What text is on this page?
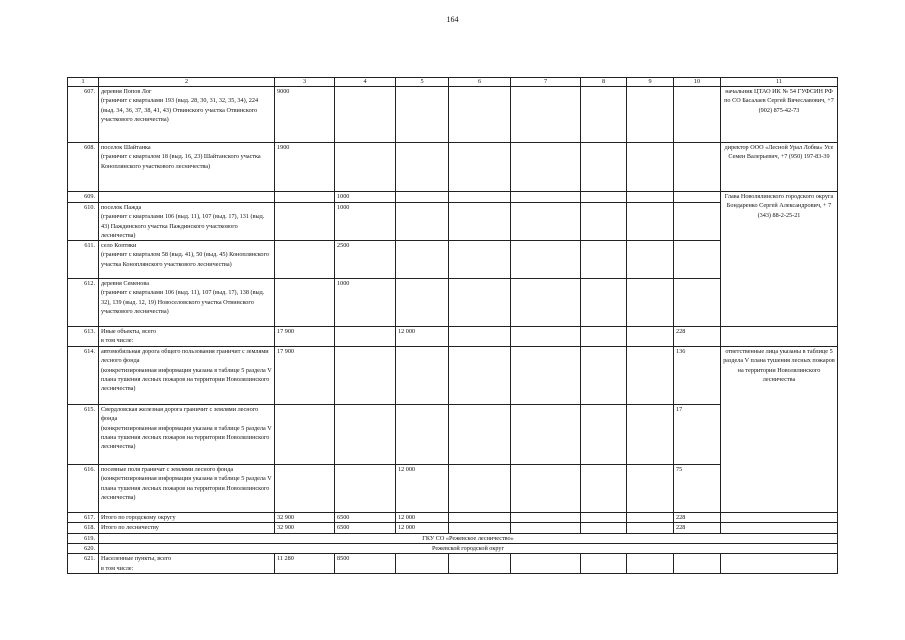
164
1	2	3	4	5	6	7	8	9	10	11
607.	деревня Попов Лог
(граничит с кварталами 193 (выд. 28, 30, 31, 32, 35, 34), 224 (выд. 34, 36, 37, 38, 41, 43) Отвинского участка Отвинского участкового лесничества)	9000								начальник ЦТАО ИК № 54 ГУФСИН РФ по СО Басалаев Сергей Вячеславович, +7 (902) 875-42-73
608.	поселок Шайтанка
(граничит с кварталом 18 (выд. 16, 23) Шайтанского участка Коноплянского участкового лесничества)	1900								директор ООО «Лесной Урал Лобва» Усе Семен Валерьевич, +7 (950) 197-83-39
609.			1000							Глава Новолялинского городского округа Бондаренко Сергей Александрович, + 7 (343) 88-2-25-21
610.	поселок Пажда
(граничит с кварталами 106 (выд. 11), 107 (выд. 17), 131 (выд. 43) Паждинского участка Паждинского участкового лесничества)		1000							
611.	село Коптяки
(граничит с кварталом 58 (выд. 41), 50 (выд. 45) Коноплянского участка Коноплянского участкового лесничества)		2500							
612.	деревня Семенова
(граничит с кварталами 106 (выд. 11), 107 (выд. 17), 138 (выд. 32), 139 (выд. 12, 19) Новоселовского участка Отвинского участкового лесничества)		1000							
613.	Иные объекты, всего
в том числе:	17 900		12 000					228	
614.	автомобильная дорога общего пользования граничит с землями лесного фонда
(конкретизированная информация указана в таблице 5 раздела V плана тушения лесных пожаров на территории Новолялинского лесничества)	17 900							136	ответственные лица указаны в таблице 5 раздела V плана тушения лесных пожаров на территории Новолялинского лесничества
615.	Свердловская железная дорога граничит с землями лесного фонда
(конкретизированная информация указана в таблице 5 раздела V плана тушения лесных пожаров на территории Новолялинского лесничества)								17	
616.	посевные поля граничат с землями лесного фонда
(конкретизированная информация указана в таблице 5 раздела V плана тушения лесных пожаров на территории Новолялинского лесничества)			12 000					75	
617.	Итого по городскому округу	32 900	6500	12 000					228	
618.	Итого по лесничеству	32 900	6500	12 000					228	
619.	ГКУ СО «Режевское лесничество»									
620.	Режевской городской округ									
621.	Населенные пункты, всего
в том числе:	11 280	8500							
